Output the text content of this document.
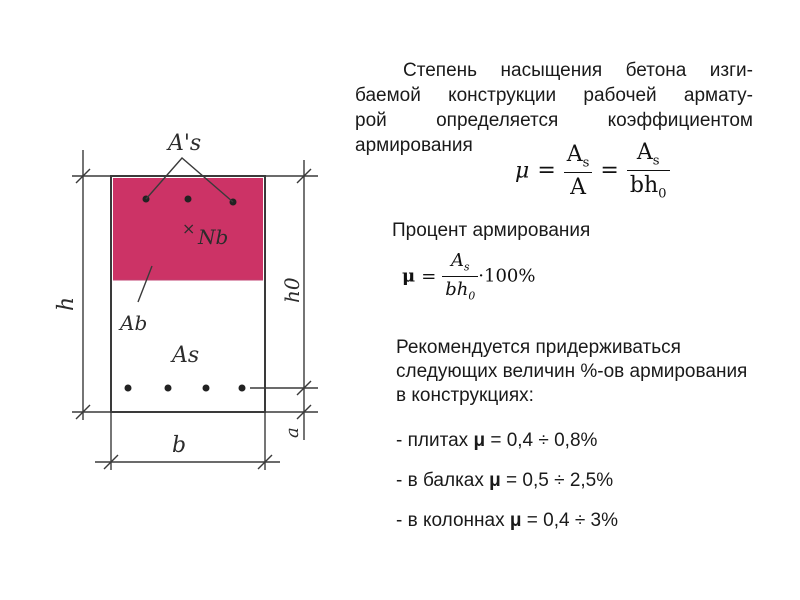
A's
× Nb
Ab
As
h
h0
a
b
Степень насыщения бетона изги-
баемой конструкции рабочей армату-
рой определяется коэффициентом
армирования
$\mu = \frac{A_s}{A} = \frac{A_s}{bh_0}$
Процент армирования
$\mu = \frac{A_s}{bh_0} \cdot 100\%$
Рекомендуется придерживаться следующих величин %-ов армирования в конструкциях:
- плитах μ = 0,4 ÷ 0,8%
- в балках μ = 0,5 ÷ 2,5%
- в колоннах μ = 0,4 ÷ 3%
